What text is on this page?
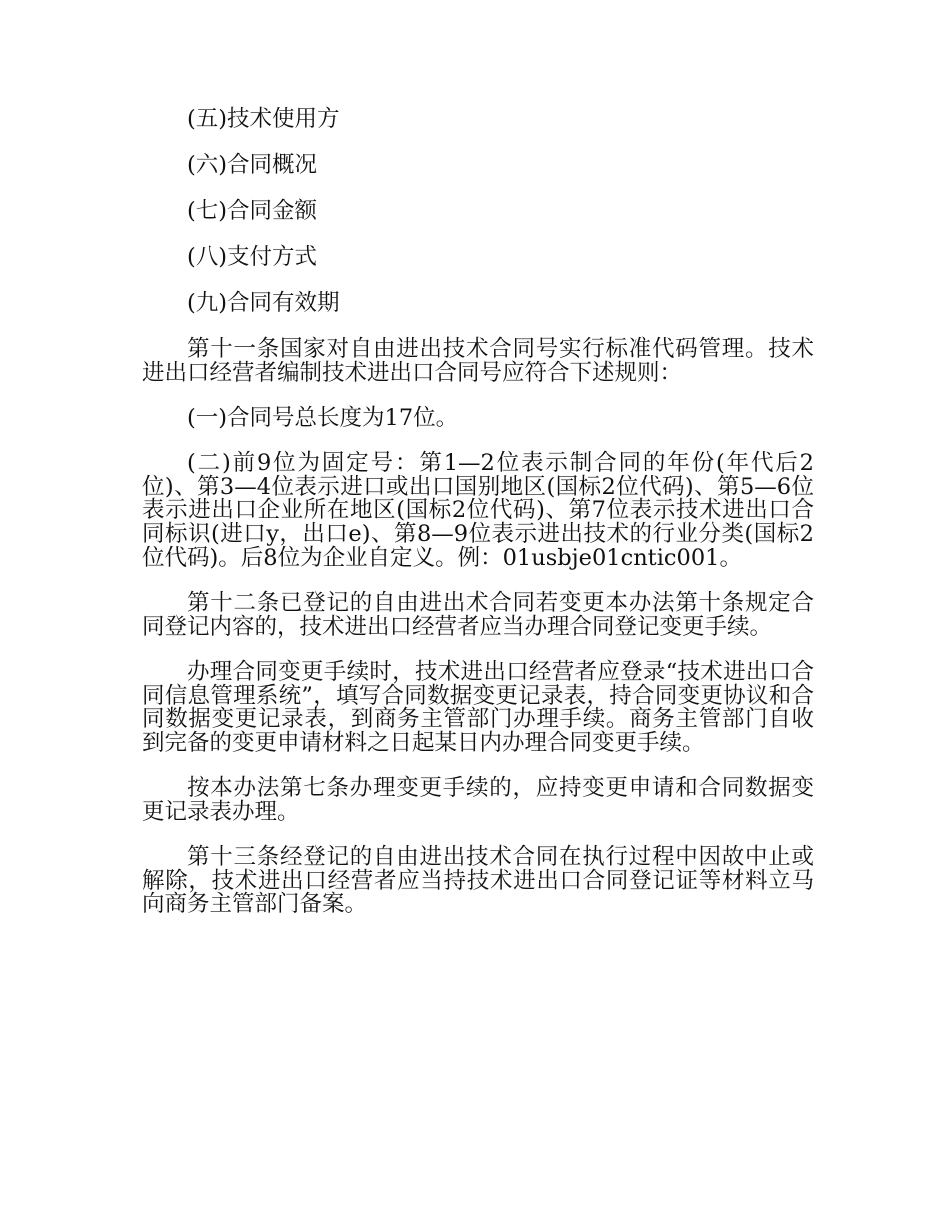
(五)技术使用方

(六)合同概况

(七)合同金额

(八)支付方式

(九)合同有效期

第十一条国家对自由进出技术合同号实行标准代码管理。技术进出口经营者编制技术进出口合同号应符合下述规则：

(一)合同号总长度为17位。

(二)前9位为固定号：第1—2位表示制合同的年份(年代后2位)、第3—4位表示进口或出口国别地区(国标2位代码)、第5—6位表示进出口企业所在地区(国标2位代码)、第7位表示技术进出口合同标识(进口y，出口e)、第8—9位表示进出技术的行业分类(国标2位代码)。后8位为企业自定义。例：01usbje01cntic001。

第十二条已登记的自由进出术合同若变更本办法第十条规定合同登记内容的，技术进出口经营者应当办理合同登记变更手续。

办理合同变更手续时，技术进出口经营者应登录“技术进出口合同信息管理系统”，填写合同数据变更记录表，持合同变更协议和合同数据变更记录表，到商务主管部门办理手续。商务主管部门自收到完备的变更申请材料之日起某日内办理合同变更手续。

按本办法第七条办理变更手续的，应持变更申请和合同数据变更记录表办理。

第十三条经登记的自由进出技术合同在执行过程中因故中止或解除，技术进出口经营者应当持技术进出口合同登记证等材料立马向商务主管部门备案。
